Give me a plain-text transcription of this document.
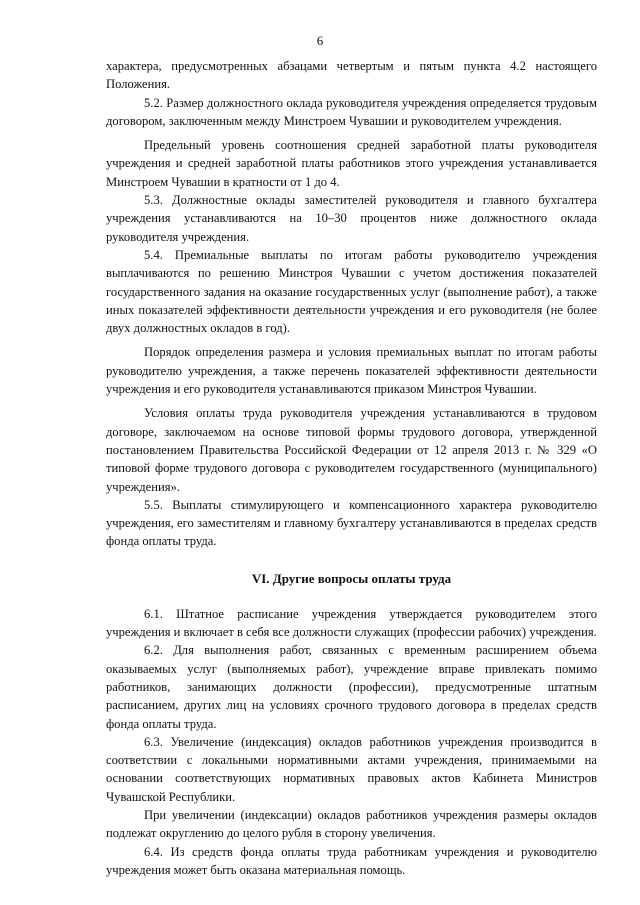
6

характера, предусмотренных абзацами четвертым и пятым пункта 4.2 настоящего Положения.

5.2. Размер должностного оклада руководителя учреждения определяется трудовым договором, заключенным между Минстроем Чувашии и руководителем учреждения.

Предельный уровень соотношения средней заработной платы руководителя учреждения и средней заработной платы работников этого учреждения устанавливается Минстроем Чувашии в кратности от 1 до 4.

5.3. Должностные оклады заместителей руководителя и главного бухгалтера учреждения устанавливаются на 10–30 процентов ниже должностного оклада руководителя учреждения.

5.4. Премиальные выплаты по итогам работы руководителю учреждения выплачиваются по решению Минстроя Чувашии с учетом достижения показателей государственного задания на оказание государственных услуг (выполнение работ), а также иных показателей эффективности деятельности учреждения и его руководителя (не более двух должностных окладов в год).

Порядок определения размера и условия премиальных выплат по итогам работы руководителю учреждения, а также перечень показателей эффективности деятельности учреждения и его руководителя устанавливаются приказом Минстроя Чувашии.

Условия оплаты труда руководителя учреждения устанавливаются в трудовом договоре, заключаемом на основе типовой формы трудового договора, утвержденной постановлением Правительства Российской Федерации от 12 апреля 2013 г. № 329 «О типовой форме трудового договора с руководителем государственного (муниципального) учреждения».

5.5. Выплаты стимулирующего и компенсационного характера руководителю учреждения, его заместителям и главному бухгалтеру устанавливаются в пределах средств фонда оплаты труда.

VI. Другие вопросы оплаты труда

6.1. Штатное расписание учреждения утверждается руководителем этого учреждения и включает в себя все должности служащих (профессии рабочих) учреждения.

6.2. Для выполнения работ, связанных с временным расширением объема оказываемых услуг (выполняемых работ), учреждение вправе привлекать помимо работников, занимающих должности (профессии), предусмотренные штатным расписанием, других лиц на условиях срочного трудового договора в пределах средств фонда оплаты труда.

6.3. Увеличение (индексация) окладов работников учреждения производится в соответствии с локальными нормативными актами учреждения, принимаемыми на основании соответствующих нормативных правовых актов Кабинета Министров Чувашской Республики.

При увеличении (индексации) окладов работников учреждения размеры окладов подлежат округлению до целого рубля в сторону увеличения.

6.4. Из средств фонда оплаты труда работникам учреждения и руководителю учреждения может быть оказана материальная помощь.
